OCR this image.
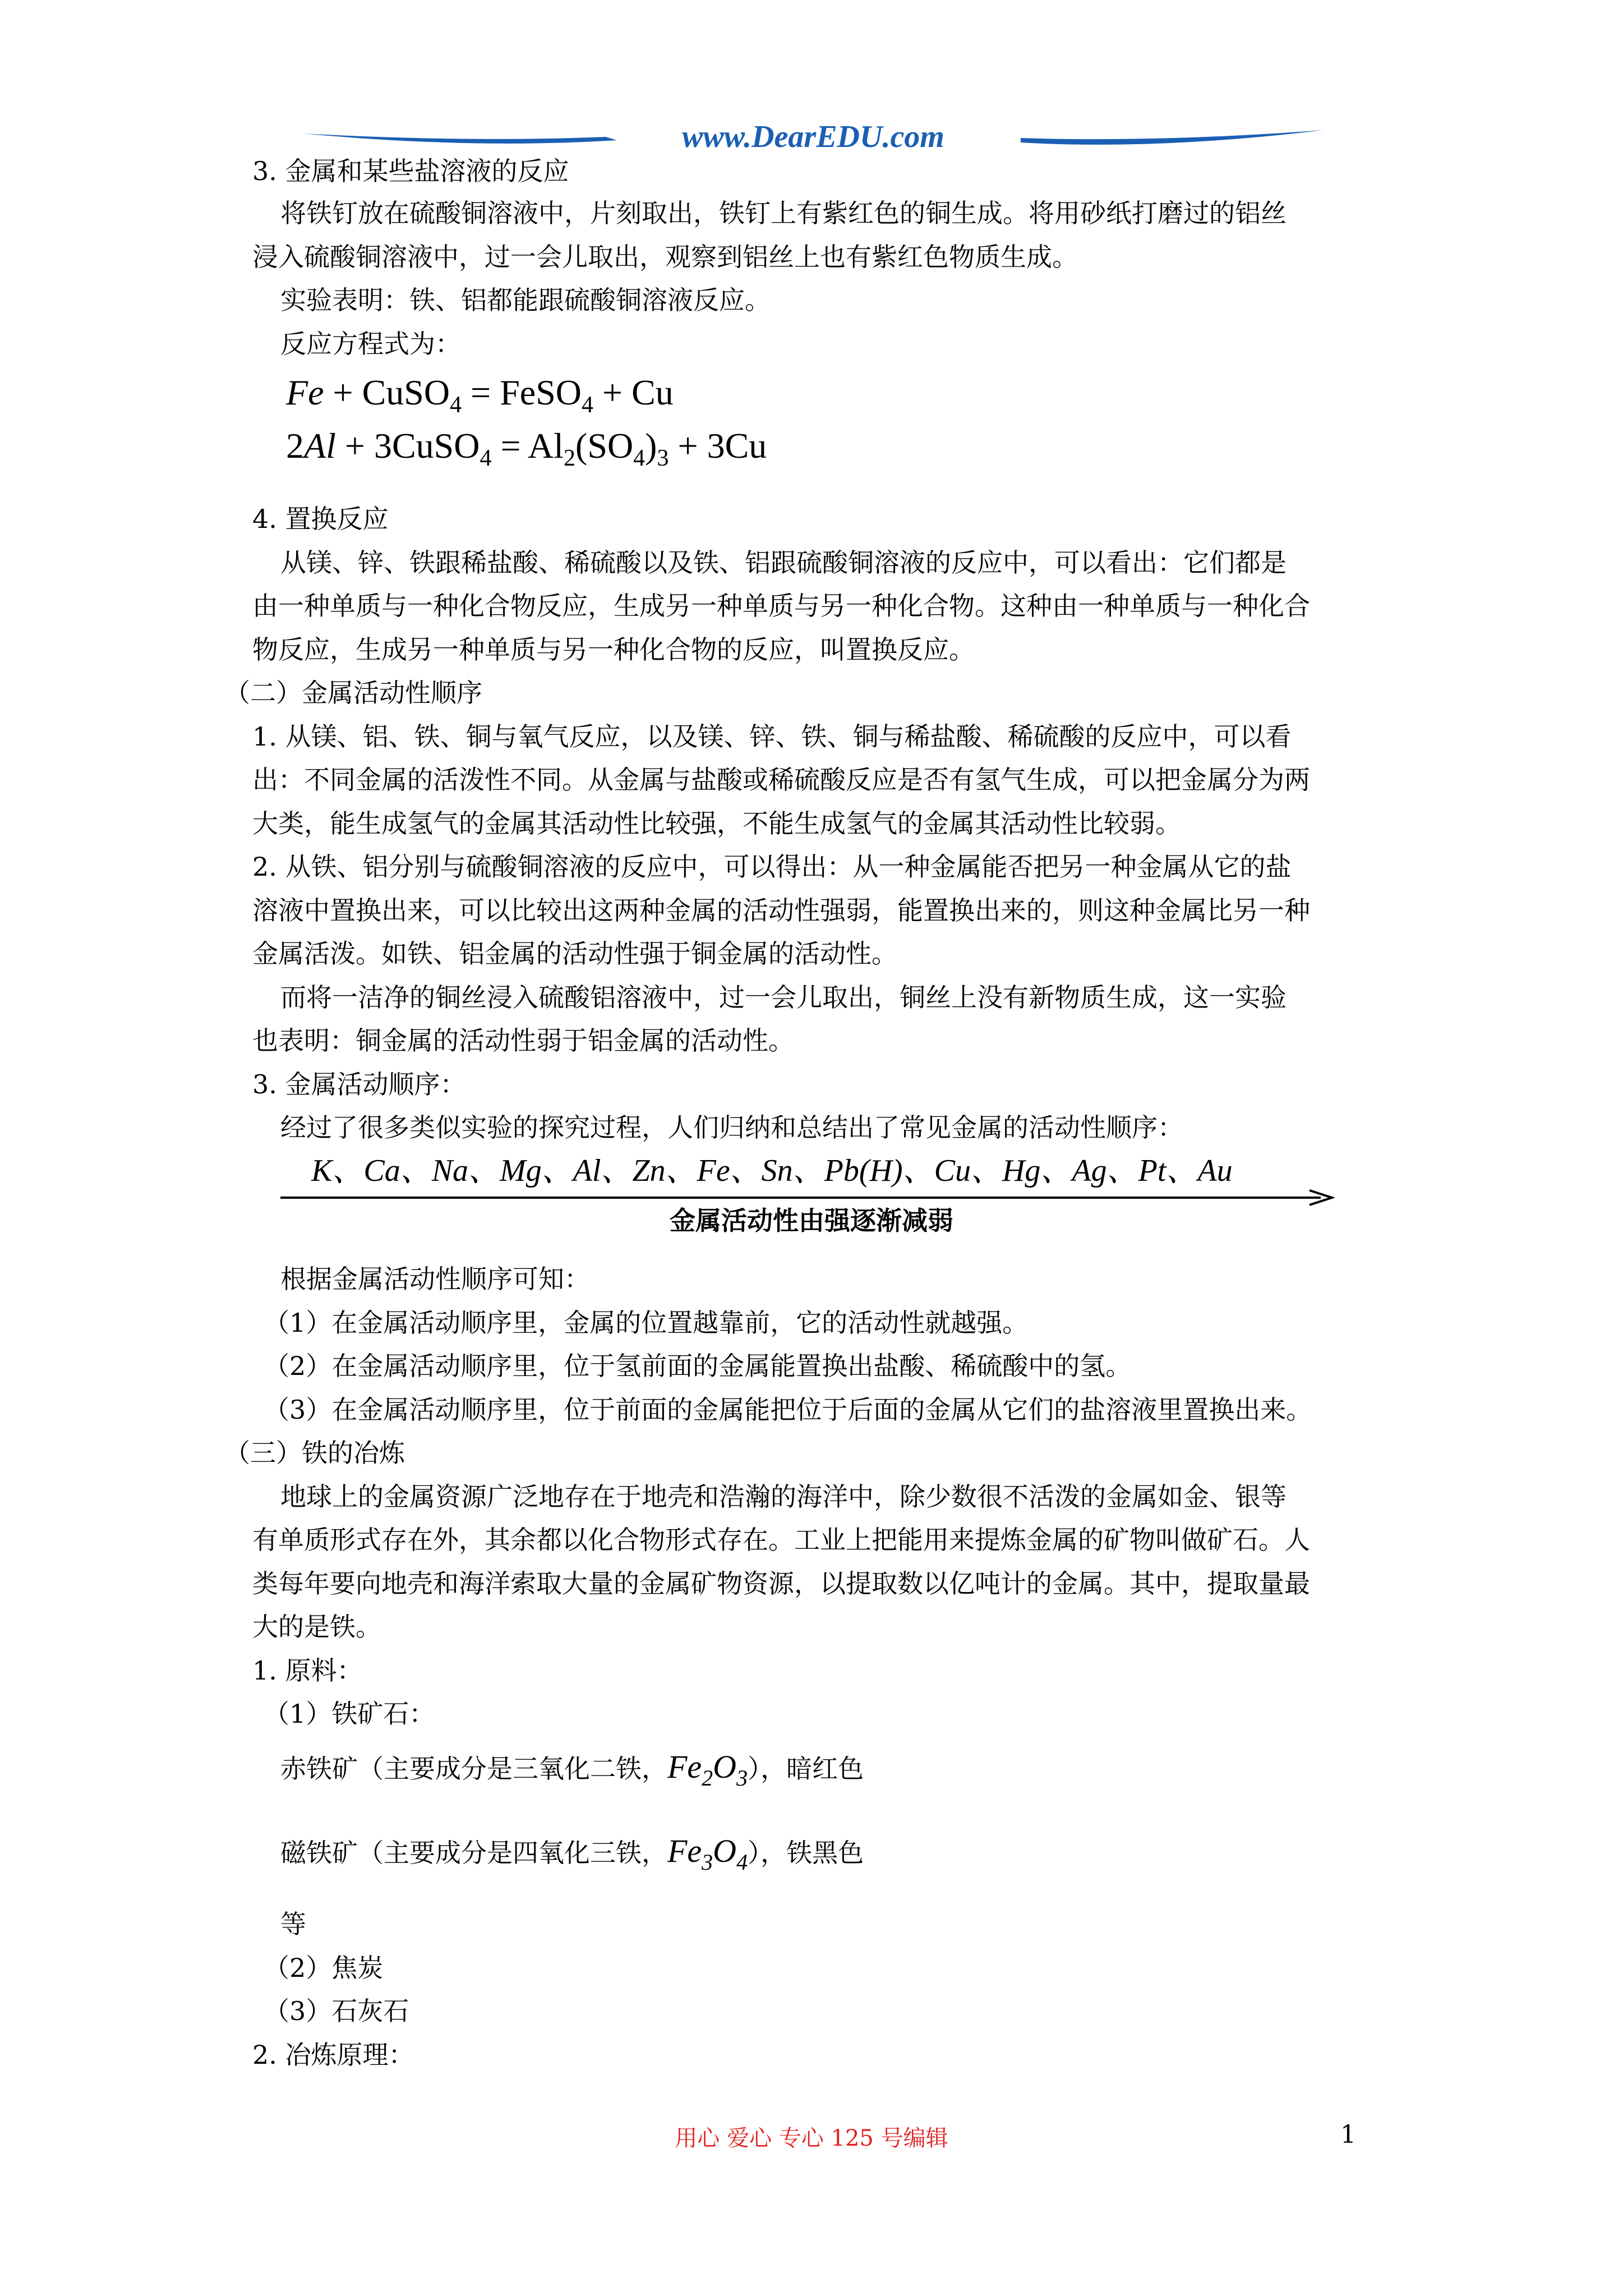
www.DearEDU.com
3. 金属和某些盐溶液的反应
将铁钉放在硫酸铜溶液中，片刻取出，铁钉上有紫红色的铜生成。将用砂纸打磨过的铝丝
浸入硫酸铜溶液中，过一会儿取出，观察到铝丝上也有紫红色物质生成。
实验表明：铁、铝都能跟硫酸铜溶液反应。
反应方程式为：
Fe + CuSO$_4$ = FeSO$_4$ + Cu
2Al + 3CuSO$_4$ = $Al_2(SO_4)_3 + 3Cu$
4. 置换反应
从镁、锌、铁跟稀盐酸、稀硫酸以及铁、铝跟硫酸铜溶液的反应中，可以看出：它们都是
由一种单质与一种化合物反应，生成另一种单质与另一种化合物。这种由一种单质与一种化合
物反应，生成另一种单质与另一种化合物的反应，叫置换反应。
（二）金属活动性顺序
1. 从镁、铝、铁、铜与氧气反应，以及镁、锌、铁、铜与稀盐酸、稀硫酸的反应中，可以看
出：不同金属的活泼性不同。从金属与盐酸或稀硫酸反应是否有氢气生成，可以把金属分为两
大类，能生成氢气的金属其活动性比较强，不能生成氢气的金属其活动性比较弱。
2. 从铁、铝分别与硫酸铜溶液的反应中，可以得出：从一种金属能否把另一种金属从它的盐
溶液中置换出来，可以比较出这两种金属的活动性强弱，能置换出来的，则这种金属比另一种
金属活泼。如铁、铝金属的活动性强于铜金属的活动性。
而将一洁净的铜丝浸入硫酸铝溶液中，过一会儿取出，铜丝上没有新物质生成，这一实验
也表明：铜金属的活动性弱于铝金属的活动性。
3. 金属活动顺序：
经过了很多类似实验的探究过程，人们归纳和总结出了常见金属的活动性顺序：
K、Ca、Na、Mg、Al、Zn、Fe、Sn、Pb(H)、Cu、Hg、Ag、Pt、Au
金属活动性由强逐渐减弱
根据金属活动性顺序可知：
（1）在金属活动顺序里，金属的位置越靠前，它的活动性就越强。
（2）在金属活动顺序里，位于氢前面的金属能置换出盐酸、稀硫酸中的氢。
（3）在金属活动顺序里，位于前面的金属能把位于后面的金属从它们的盐溶液里置换出来。
（三）铁的冶炼
地球上的金属资源广泛地存在于地壳和浩瀚的海洋中，除少数很不活泼的金属如金、银等
有单质形式存在外，其余都以化合物形式存在。工业上把能用来提炼金属的矿物叫做矿石。人
类每年要向地壳和海洋索取大量的金属矿物资源，以提取数以亿吨计的金属。其中，提取量最
大的是铁。
1. 原料：
（1）铁矿石：
赤铁矿（主要成分是三氧化二铁，$Fe_2O_3$），暗红色
磁铁矿（主要成分是四氧化三铁，$Fe_3O_4$），铁黑色
等
（2）焦炭
（3）石灰石
2. 冶炼原理：
用心 爱心 专心 125 号编辑	1
